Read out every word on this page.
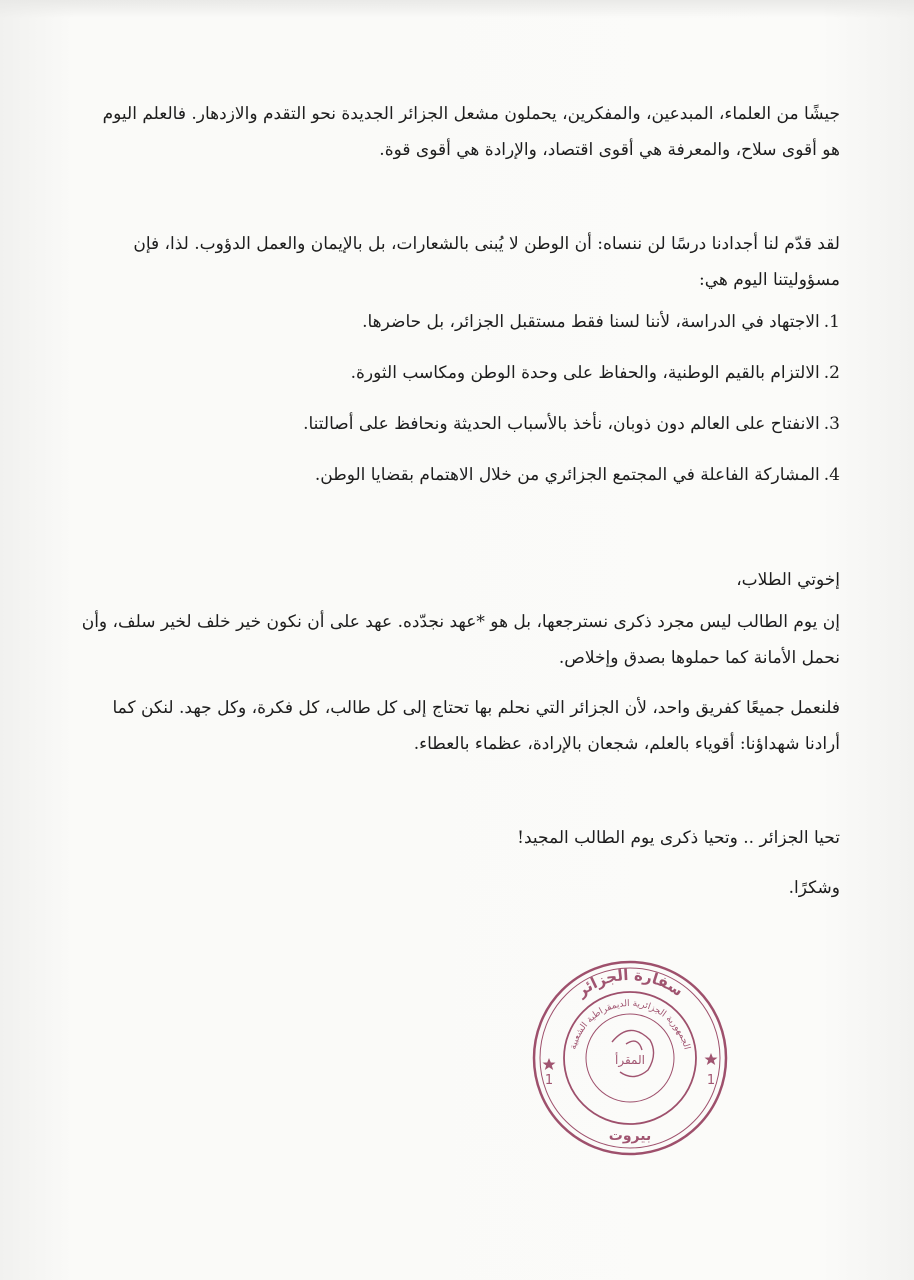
جيشًا من العلماء، المبدعين، والمفكرين، يحملون مشعل الجزائر الجديدة نحو التقدم والازدهار. فالعلم اليوم هو أقوى سلاح، والمعرفة هي أقوى اقتصاد، والإرادة هي أقوى قوة.

لقد قدّم لنا أجدادنا درسًا لن ننساه: أن الوطن لا يُبنى بالشعارات، بل بالإيمان والعمل الدؤوب. لذا، فإن مسؤوليتنا اليوم هي:

1.الاجتهاد في الدراسة، لأننا لسنا فقط مستقبل الجزائر، بل حاضرها.
2.الالتزام بالقيم الوطنية، والحفاظ على وحدة الوطن ومكاسب الثورة.
3.الانفتاح على العالم دون ذوبان، نأخذ بالأسباب الحديثة ونحافظ على أصالتنا.
4.المشاركة الفاعلة في المجتمع الجزائري من خلال الاهتمام بقضايا الوطن.

إخوتي الطلاب،

إن يوم الطالب ليس مجرد ذكرى نسترجعها، بل هو *عهد نجدّده. عهد على أن نكون خير خلف لخير سلف، وأن نحمل الأمانة كما حملوها بصدق وإخلاص.

فلنعمل جميعًا كفريق واحد، لأن الجزائر التي نحلم بها تحتاج إلى كل طالب، كل فكرة، وكل جهد. لنكن كما أرادنا شهداؤنا: أقوياء بالعلم، شجعان بالإرادة، عظماء بالعطاء.

تحيا الجزائر .. وتحيا ذكرى يوم الطالب المجيد!

وشكرًا.

سفارة الجزائر
الجمهورية الجزائرية الديمقراطية الشعبية
المقرأ
بيروت
1	1
